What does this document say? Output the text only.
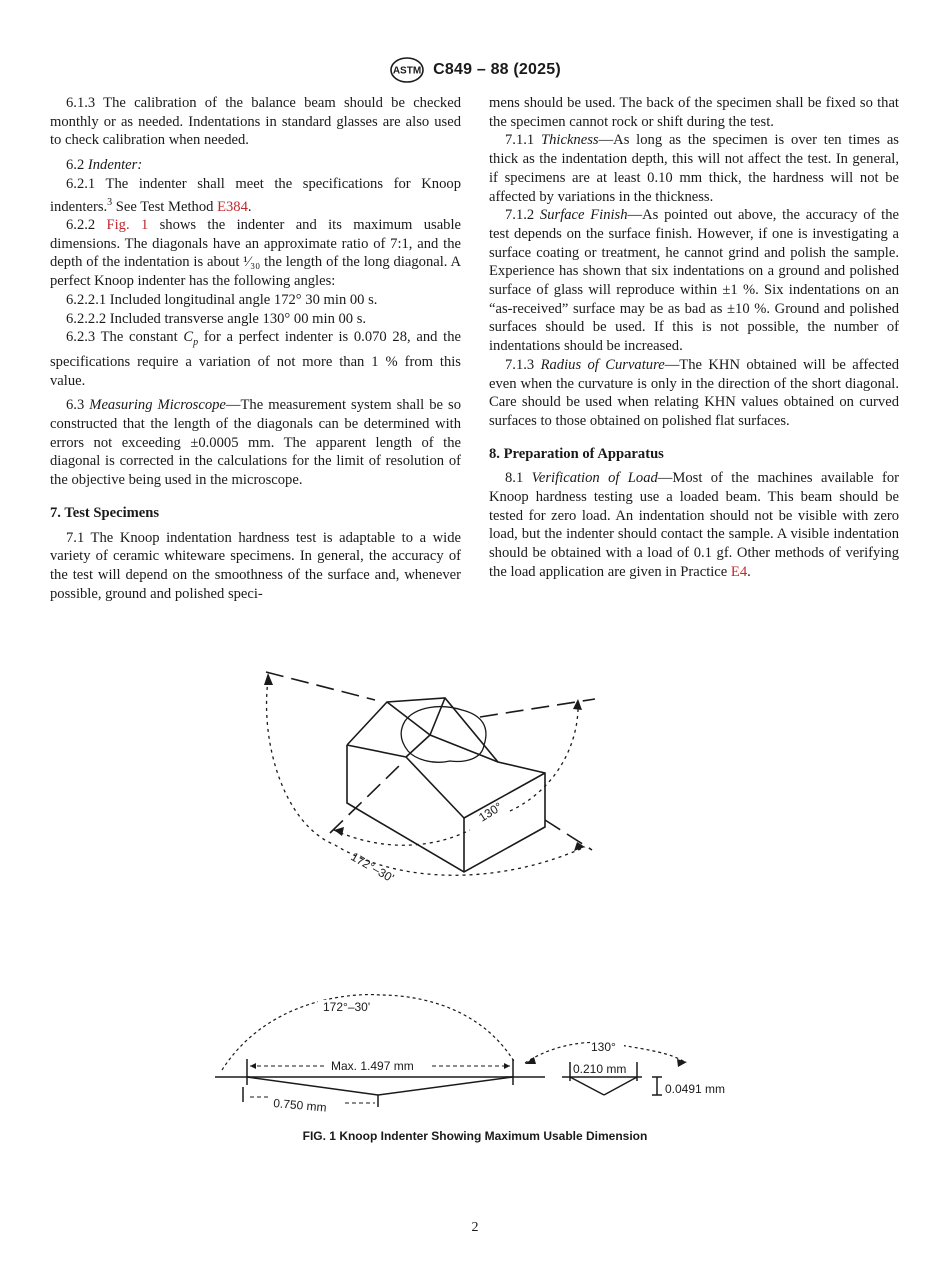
ASTM C849 – 88 (2025)

6.1.3 The calibration of the balance beam should be checked monthly or as needed. Indentations in standard glasses are also used to check calibration when needed.

6.2 Indenter:

6.2.1 The indenter shall meet the specifications for Knoop indenters.$^3$ See Test Method E384.

6.2.2 Fig. 1 shows the indenter and its maximum usable dimensions. The diagonals have an approximate ratio of 7:1, and the depth of the indentation is about ¹⁄₃₀ the length of the long diagonal. A perfect Knoop indenter has the following angles:

6.2.2.1 Included longitudinal angle 172° 30 min 00 s.

6.2.2.2 Included transverse angle 130° 00 min 00 s.

6.2.3 The constant $C_p$ for a perfect indenter is 0.070 28, and the specifications require a variation of not more than 1 % from this value.

6.3 Measuring Microscope—The measurement system shall be so constructed that the length of the diagonals can be determined with errors not exceeding ±0.0005 mm. The apparent length of the diagonal is corrected in the calculations for the limit of resolution of the objective being used in the microscope.

7. Test Specimens

7.1 The Knoop indentation hardness test is adaptable to a wide variety of ceramic whiteware specimens. In general, the accuracy of the test will depend on the smoothness of the surface and, whenever possible, ground and polished speci-

mens should be used. The back of the specimen shall be fixed so that the specimen cannot rock or shift during the test.

7.1.1 Thickness—As long as the specimen is over ten times as thick as the indentation depth, this will not affect the test. In general, if specimens are at least 0.10 mm thick, the hardness will not be affected by variations in the thickness.

7.1.2 Surface Finish—As pointed out above, the accuracy of the test depends on the surface finish. However, if one is investigating a surface coating or treatment, he cannot grind and polish the sample. Experience has shown that six indentations on a ground and polished surface of glass will reproduce within ±1 %. Six indentations on an “as-received” surface may be as bad as ±10 %. Ground and polished surfaces should be used. If this is not possible, the number of indentations should be increased.

7.1.3 Radius of Curvature—The KHN obtained will be affected even when the curvature is only in the direction of the short diagonal. Care should be used when relating KHN values obtained on curved surfaces to those obtained on polished flat surfaces.

8. Preparation of Apparatus

8.1 Verification of Load—Most of the machines available for Knoop hardness testing use a loaded beam. This beam should be tested for zero load. An indentation should not be visible with zero load, but the indenter should contact the sample. A visible indentation should be obtained with a load of 0.1 gf. Other methods of verifying the load application are given in Practice E4.

130°
172°–30'
172°–30'
Max. 1.497 mm
0.750 mm
130°
0.210 mm
0.0491 mm
FIG. 1 Knoop Indenter Showing Maximum Usable Dimension
2
